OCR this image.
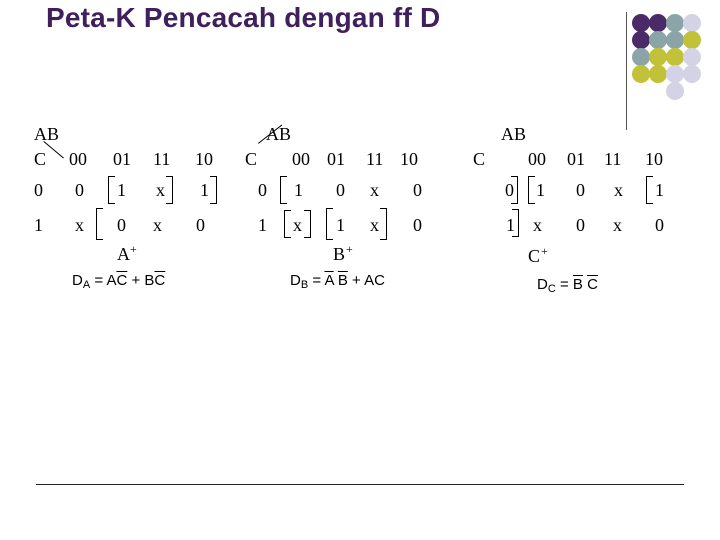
Peta-K Pencacah dengan ff D
AB
C 00 01 11 10
0
1
0 1 x 1
x 0 x 0
A +
$D_A = A\overline{C} + B\overline{C}$
AB
C 00 01 11 10
0
1
1 0 x 0
x 1 x 0
B +
$D_B = \overline{A}$ $\overline{B}$ + AC
AB
C 00 01 11 10
0
1
1 0 x 1
x 0 x 0
C +
$D_C = \overline{B}$ $\overline{C}$
